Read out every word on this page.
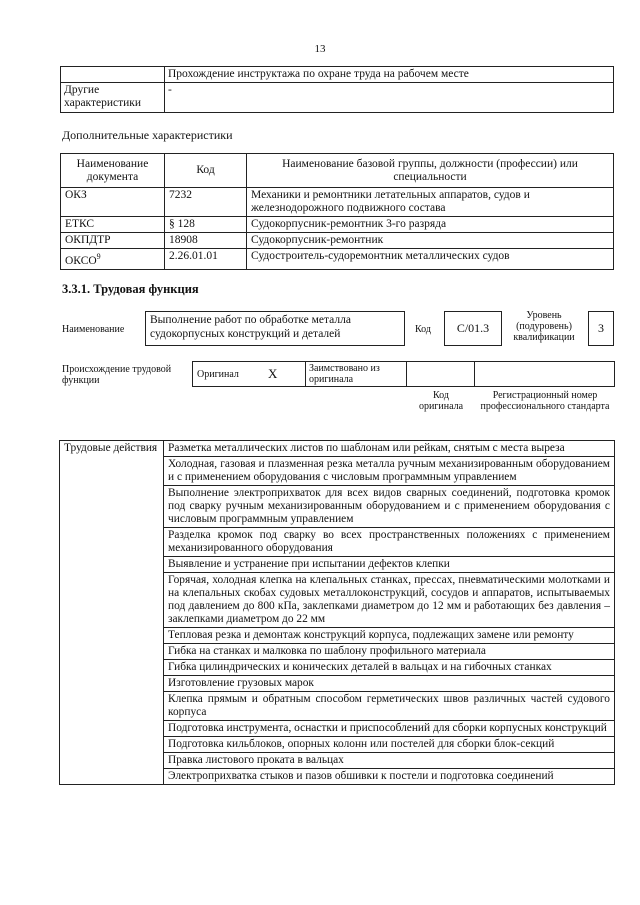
13
	Прохождение инструктажа по охране труда на рабочем месте
Другие характеристики	-
Дополнительные характеристики
Наименование документа	Код	Наименование базовой группы, должности (профессии) или специальности
ОКЗ	7232	Механики и ремонтники летательных аппаратов, судов и железнодорожного подвижного состава
ЕТКС	§ 128	Судокорпусник-ремонтник 3-го разряда
ОКПДТР	18908	Судокорпусник-ремонтник
ОКСО$^9$	2.26.01.01	Судостроитель-судоремонтник металлических судов
3.3.1. Трудовая функция
Наименование
Выполнение работ по обработке металла судокорпусных конструкций и деталей	Код	С/01.3
Уровень (подуровень) квалификации
3
Происхождение трудовой функции
Оригинал X	Заимствовано из оригинала
Код оригинала
Регистрационный номер профессионального стандарта
Трудовые действия	Разметка металлических листов по шаблонам или рейкам, снятым с места выреза
Холодная, газовая и плазменная резка металла ручным механизированным оборудованием и с применением оборудования с числовым программным управлением
Выполнение электроприхваток для всех видов сварных соединений, подготовка кромок под сварку ручным механизированным оборудованием и с применением оборудования с числовым программным управлением
Разделка кромок под сварку во всех пространственных положениях с применением механизированного оборудования
Выявление и устранение при испытании дефектов клепки
Горячая, холодная клепка на клепальных станках, прессах, пневматическими молотками и на клепальных скобах судовых металлоконструкций, сосудов и аппаратов, испытываемых под давлением до 800 кПа, заклепками диаметром до 12 мм и работающих без давления – заклепками диаметром до 22 мм
Тепловая резка и демонтаж конструкций корпуса, подлежащих замене или ремонту
Гибка на станках и малковка по шаблону профильного материала
Гибка цилиндрических и конических деталей в вальцах и на гибочных станках
Изготовление грузовых марок
Клепка прямым и обратным способом герметических швов различных частей судового корпуса
Подготовка инструмента, оснастки и приспособлений для сборки корпусных конструкций
Подготовка кильблоков, опорных колонн или постелей для сборки блок-секций
Правка листового проката в вальцах
Электроприхватка стыков и пазов обшивки к постели и подготовка соединений
